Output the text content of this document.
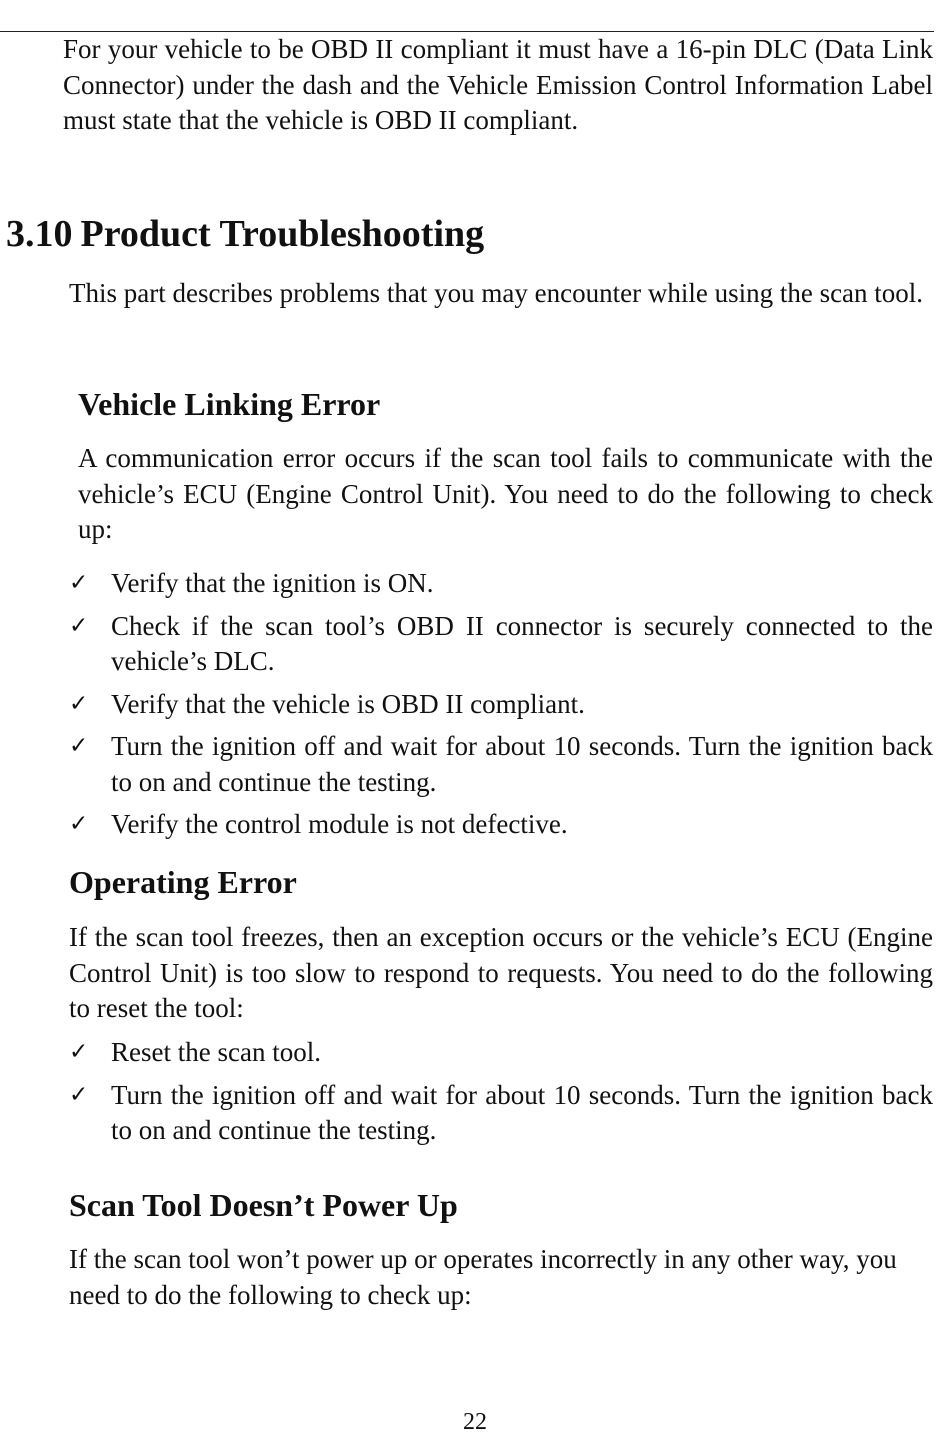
For your vehicle to be OBD II compliant it must have a 16-pin DLC (Data Link Connector) under the dash and the Vehicle Emission Control Information Label must state that the vehicle is OBD II compliant.

3.10 Product Troubleshooting

This part describes problems that you may encounter while using the scan tool.

Vehicle Linking Error

A communication error occurs if the scan tool fails to communicate with the vehicle’s ECU (Engine Control Unit). You need to do the following to check up:

✓ Verify that the ignition is ON.
✓ Check if the scan tool’s OBD II connector is securely connected to the vehicle’s DLC.
✓ Verify that the vehicle is OBD II compliant.
✓ Turn the ignition off and wait for about 10 seconds. Turn the ignition back to on and continue the testing.
✓ Verify the control module is not defective.
Operating Error

If the scan tool freezes, then an exception occurs or the vehicle’s ECU (Engine Control Unit) is too slow to respond to requests. You need to do the following to reset the tool:

✓ Reset the scan tool.
✓ Turn the ignition off and wait for about 10 seconds. Turn the ignition back to on and continue the testing.
Scan Tool Doesn’t Power Up

If the scan tool won’t power up or operates incorrectly in any other way, you need to do the following to check up:

22
